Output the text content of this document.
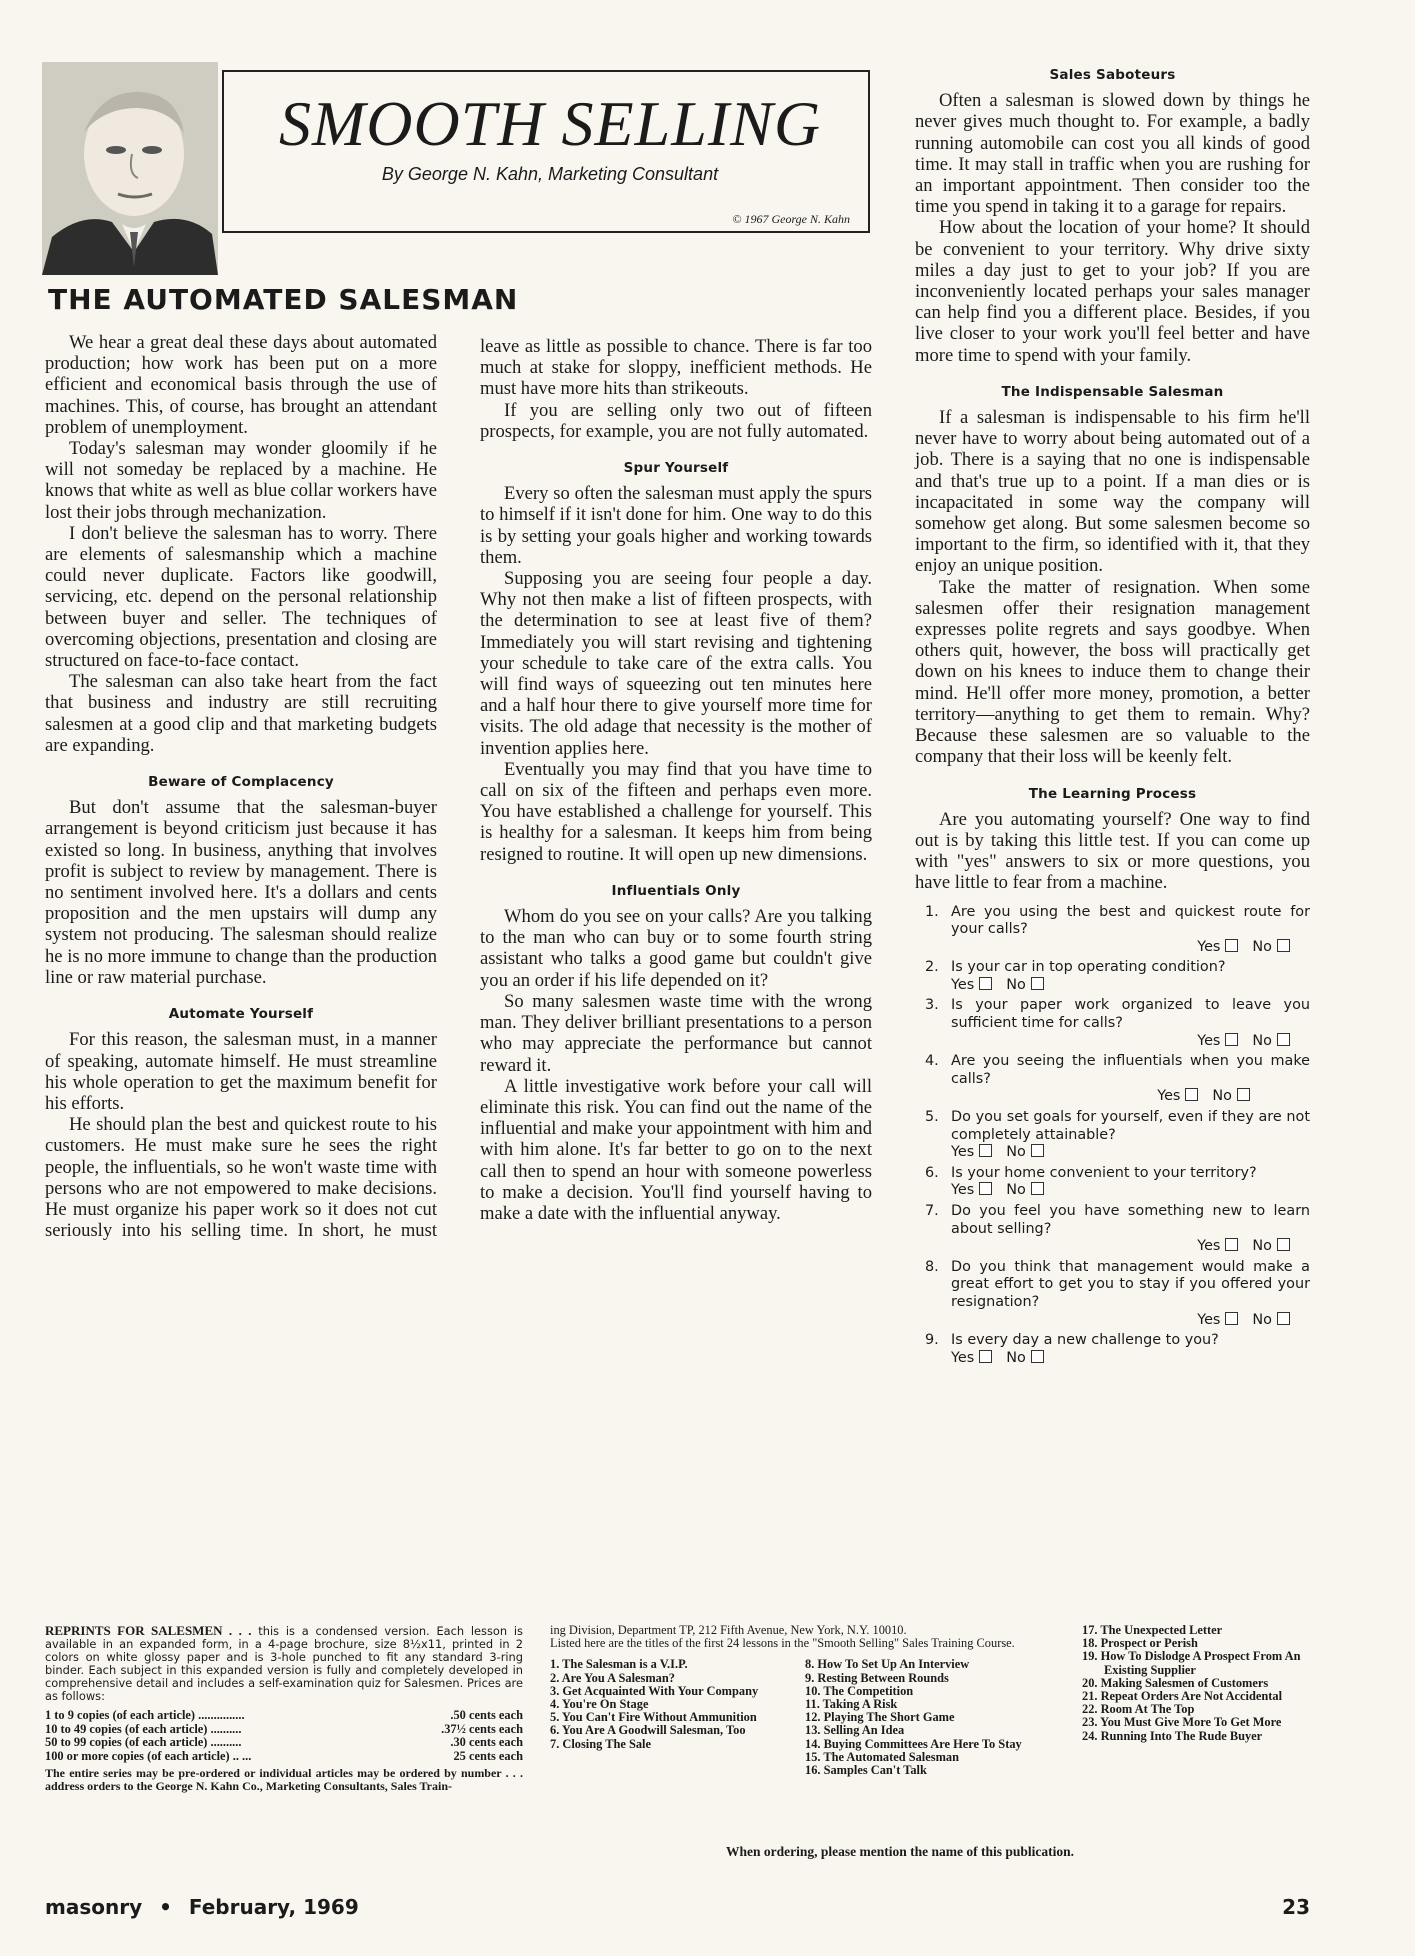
SMOOTH SELLING
By George N. Kahn, Marketing Consultant
© 1967 George N. Kahn
THE AUTOMATED SALESMAN

We hear a great deal these days about automated production; how work has been put on a more efficient and economical basis through the use of machines. This, of course, has brought an attendant problem of unemployment.

Today's salesman may wonder gloomily if he will not someday be replaced by a machine. He knows that white as well as blue collar workers have lost their jobs through mechanization.

I don't believe the salesman has to worry. There are elements of salesmanship which a machine could never duplicate. Factors like goodwill, servicing, etc. depend on the personal relationship between buyer and seller. The techniques of overcoming objections, presentation and closing are structured on face-to-face contact.

The salesman can also take heart from the fact that business and industry are still recruiting salesmen at a good clip and that marketing budgets are expanding.

Beware of Complacency

But don't assume that the salesman-buyer arrangement is beyond criticism just because it has existed so long. In business, anything that involves profit is subject to review by management. There is no sentiment involved here. It's a dollars and cents proposition and the men upstairs will dump any system not producing. The salesman should realize he is no more immune to change than the production line or raw material purchase.

Automate Yourself

For this reason, the salesman must, in a manner of speaking, automate himself. He must streamline his whole operation to get the maximum benefit for his efforts.

He should plan the best and quickest route to his customers. He must make sure he sees the right people, the influentials, so he won't waste time with persons who are not empowered to make decisions. He must organize his paper work so it does not cut seriously into his selling time. In short, he must

leave as little as possible to chance. There is far too much at stake for sloppy, inefficient methods. He must have more hits than strikeouts.

If you are selling only two out of fifteen prospects, for example, you are not fully automated.

Spur Yourself

Every so often the salesman must apply the spurs to himself if it isn't done for him. One way to do this is by setting your goals higher and working towards them.

Supposing you are seeing four people a day. Why not then make a list of fifteen prospects, with the determination to see at least five of them? Immediately you will start revising and tightening your schedule to take care of the extra calls. You will find ways of squeezing out ten minutes here and a half hour there to give yourself more time for visits. The old adage that necessity is the mother of invention applies here.

Eventually you may find that you have time to call on six of the fifteen and perhaps even more. You have established a challenge for yourself. This is healthy for a salesman. It keeps him from being resigned to routine. It will open up new dimensions.

Influentials Only

Whom do you see on your calls? Are you talking to the man who can buy or to some fourth string assistant who talks a good game but couldn't give you an order if his life depended on it?

So many salesmen waste time with the wrong man. They deliver brilliant presentations to a person who may appreciate the performance but cannot reward it.

A little investigative work before your call will eliminate this risk. You can find out the name of the influential and make your appointment with him and with him alone. It's far better to go on to the next call then to spend an hour with someone powerless to make a decision. You'll find yourself having to make a date with the influential anyway.

Sales Saboteurs

Often a salesman is slowed down by things he never gives much thought to. For example, a badly running automobile can cost you all kinds of good time. It may stall in traffic when you are rushing for an important appointment. Then consider too the time you spend in taking it to a garage for repairs.

How about the location of your home? It should be convenient to your territory. Why drive sixty miles a day just to get to your job? If you are inconveniently located perhaps your sales manager can help find you a different place. Besides, if you live closer to your work you'll feel better and have more time to spend with your family.

The Indispensable Salesman

If a salesman is indispensable to his firm he'll never have to worry about being automated out of a job. There is a saying that no one is indispensable and that's true up to a point. If a man dies or is incapacitated in some way the company will somehow get along. But some salesmen become so important to the firm, so identified with it, that they enjoy an unique position.

Take the matter of resignation. When some salesmen offer their resignation management expresses polite regrets and says goodbye. When others quit, however, the boss will practically get down on his knees to induce them to change their mind. He'll offer more money, promotion, a better territory—anything to get them to remain. Why? Because these salesmen are so valuable to the company that their loss will be keenly felt.

The Learning Process

Are you automating yourself? One way to find out is by taking this little test. If you can come up with "yes" answers to six or more questions, you have little to fear from a machine.

1. Are you using the best and quickest route for your calls?
Yes	No
2. Is your car in top operating condition?
Yes	No
3. Is your paper work organized to leave you sufficient time for calls?
Yes	No
4. Are you seeing the influentials when you make calls?
Yes	No
5. Do you set goals for yourself, even if they are not completely attainable?
Yes	No
6. Is your home convenient to your territory?
Yes	No
7. Do you feel you have something new to learn about selling?
Yes	No
8. Do you think that management would make a great effort to get you to stay if you offered your resignation?
Yes	No
9. Is every day a new challenge to you?
Yes	No
REPRINTS FOR SALESMEN . . . this is a condensed version. Each lesson is available in an expanded form, in a 4-page brochure, size 8½x11, printed in 2 colors on white glossy paper and is 3-hole punched to fit any standard 3-ring binder. Each subject in this expanded version is fully and completely developed in comprehensive detail and includes a self-examination quiz for Salesmen. Prices are as follows:
1 to 9 copies (of each article) ...............	.50 cents each
10 to 49 copies (of each article) ..........	.37½ cents each
50 to 99 copies (of each article) ..........	.30 cents each
100 or more copies (of each article) .. ...	25 cents each
The entire series may be pre-ordered or individual articles may be ordered by number . . . address orders to the George N. Kahn Co., Marketing Consultants, Sales Train-
ing Division, Department TP, 212 Fifth Avenue, New York, N.Y. 10010.
Listed here are the titles of the first 24 lessons in the "Smooth Selling" Sales Training Course.
1. The Salesman is a V.I.P.
2. Are You A Salesman?
3. Get Acquainted With Your Company
4. You're On Stage
5. You Can't Fire Without Ammunition
6. You Are A Goodwill Salesman, Too
7. Closing The Sale
8. How To Set Up An Interview
9. Resting Between Rounds
10. The Competition
11. Taking A Risk
12. Playing The Short Game
13. Selling An Idea
14. Buying Committees Are Here To Stay
15. The Automated Salesman
16. Samples Can't Talk
17. The Unexpected Letter
18. Prospect or Perish
19. How To Dislodge A Prospect From An Existing Supplier
20. Making Salesmen of Customers
21. Repeat Orders Are Not Accidental
22. Room At The Top
23. You Must Give More To Get More
24. Running Into The Rude Buyer
When ordering, please mention the name of this publication.
masonry • February, 1969	23
